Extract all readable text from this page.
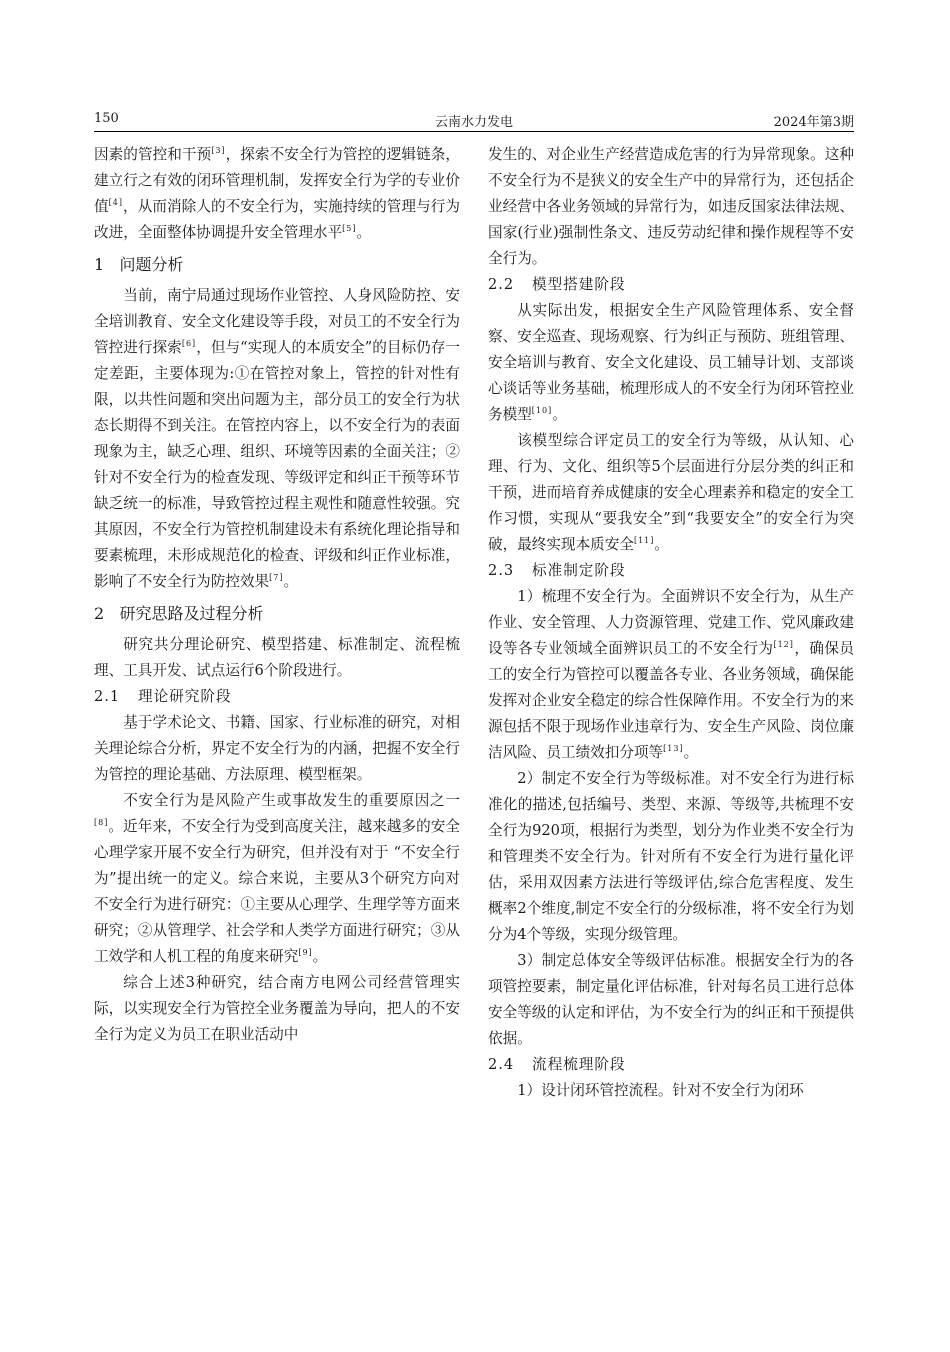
云南水力发电
150	2024年第3期

因素的管控和干预[3]，探索不安全行为管控的逻辑链条，建立行之有效的闭环管理机制，发挥安全行为学的专业价值[4]，从而消除人的不安全行为，实施持续的管理与行为改进，全面整体协调提升安全管理水平[5]。

1 问题分析

当前，南宁局通过现场作业管控、人身风险防控、安全培训教育、安全文化建设等手段，对员工的不安全行为管控进行探索[6]，但与“实现人的本质安全”的目标仍存一定差距，主要体现为:①在管控对象上，管控的针对性有限，以共性问题和突出问题为主，部分员工的安全行为状态长期得不到关注。在管控内容上，以不安全行为的表面现象为主，缺乏心理、组织、环境等因素的全面关注；②针对不安全行为的检查发现、等级评定和纠正干预等环节缺乏统一的标准，导致管控过程主观性和随意性较强。究其原因，不安全行为管控机制建设未有系统化理论指导和要素梳理，未形成规范化的检查、评级和纠正作业标准，影响了不安全行为防控效果[7]。

2 研究思路及过程分析

研究共分理论研究、模型搭建、标准制定、流程梳理、工具开发、试点运行6个阶段进行。

2.1 理论研究阶段

基于学术论文、书籍、国家、行业标准的研究，对相关理论综合分析，界定不安全行为的内涵，把握不安全行为管控的理论基础、方法原理、模型框架。

不安全行为是风险产生或事故发生的重要原因之一[8]。近年来，不安全行为受到高度关注，越来越多的安全心理学家开展不安全行为研究，但并没有对于 “不安全行为”提出统一的定义。综合来说，主要从3个研究方向对不安全行为进行研究：①主要从心理学、生理学等方面来研究；②从管理学、社会学和人类学方面进行研究；③从工效学和人机工程的角度来研究[9]。

综合上述3种研究，结合南方电网公司经营管理实际，以实现安全行为管控全业务覆盖为导向，把人的不安全行为定义为员工在职业活动中

发生的、对企业生产经营造成危害的行为异常现象。这种不安全行为不是狭义的安全生产中的异常行为，还包括企业经营中各业务领域的异常行为，如违反国家法律法规、国家(行业)强制性条文、违反劳动纪律和操作规程等不安全行为。

2.2 模型搭建阶段

从实际出发，根据安全生产风险管理体系、安全督察、安全巡查、现场观察、行为纠正与预防、班组管理、安全培训与教育、安全文化建设、员工辅导计划、支部谈心谈话等业务基础，梳理形成人的不安全行为闭环管控业务模型[10]。

该模型综合评定员工的安全行为等级，从认知、心理、行为、文化、组织等5个层面进行分层分类的纠正和干预，进而培育养成健康的安全心理素养和稳定的安全工作习惯，实现从“要我安全”到“我要安全”的安全行为突破，最终实现本质安全[11]。

2.3 标准制定阶段

1）梳理不安全行为。全面辨识不安全行为，从生产作业、安全管理、人力资源管理、党建工作、党风廉政建设等各专业领域全面辨识员工的不安全行为[12]，确保员工的安全行为管控可以覆盖各专业、各业务领域，确保能发挥对企业安全稳定的综合性保障作用。不安全行为的来源包括不限于现场作业违章行为、安全生产风险、岗位廉洁风险、员工绩效扣分项等[13]。

2）制定不安全行为等级标准。对不安全行为进行标准化的描述,包括编号、类型、来源、等级等,共梳理不安全行为920项，根据行为类型，划分为作业类不安全行为和管理类不安全行为。针对所有不安全行为进行量化评估，采用双因素方法进行等级评估,综合危害程度、发生概率2个维度,制定不安全行的分级标准，将不安全行为划分为4个等级，实现分级管理。

3）制定总体安全等级评估标准。根据安全行为的各项管控要素，制定量化评估标准，针对每名员工进行总体安全等级的认定和评估，为不安全行为的纠正和干预提供依据。

2.4 流程梳理阶段

1）设计闭环管控流程。针对不安全行为闭环
